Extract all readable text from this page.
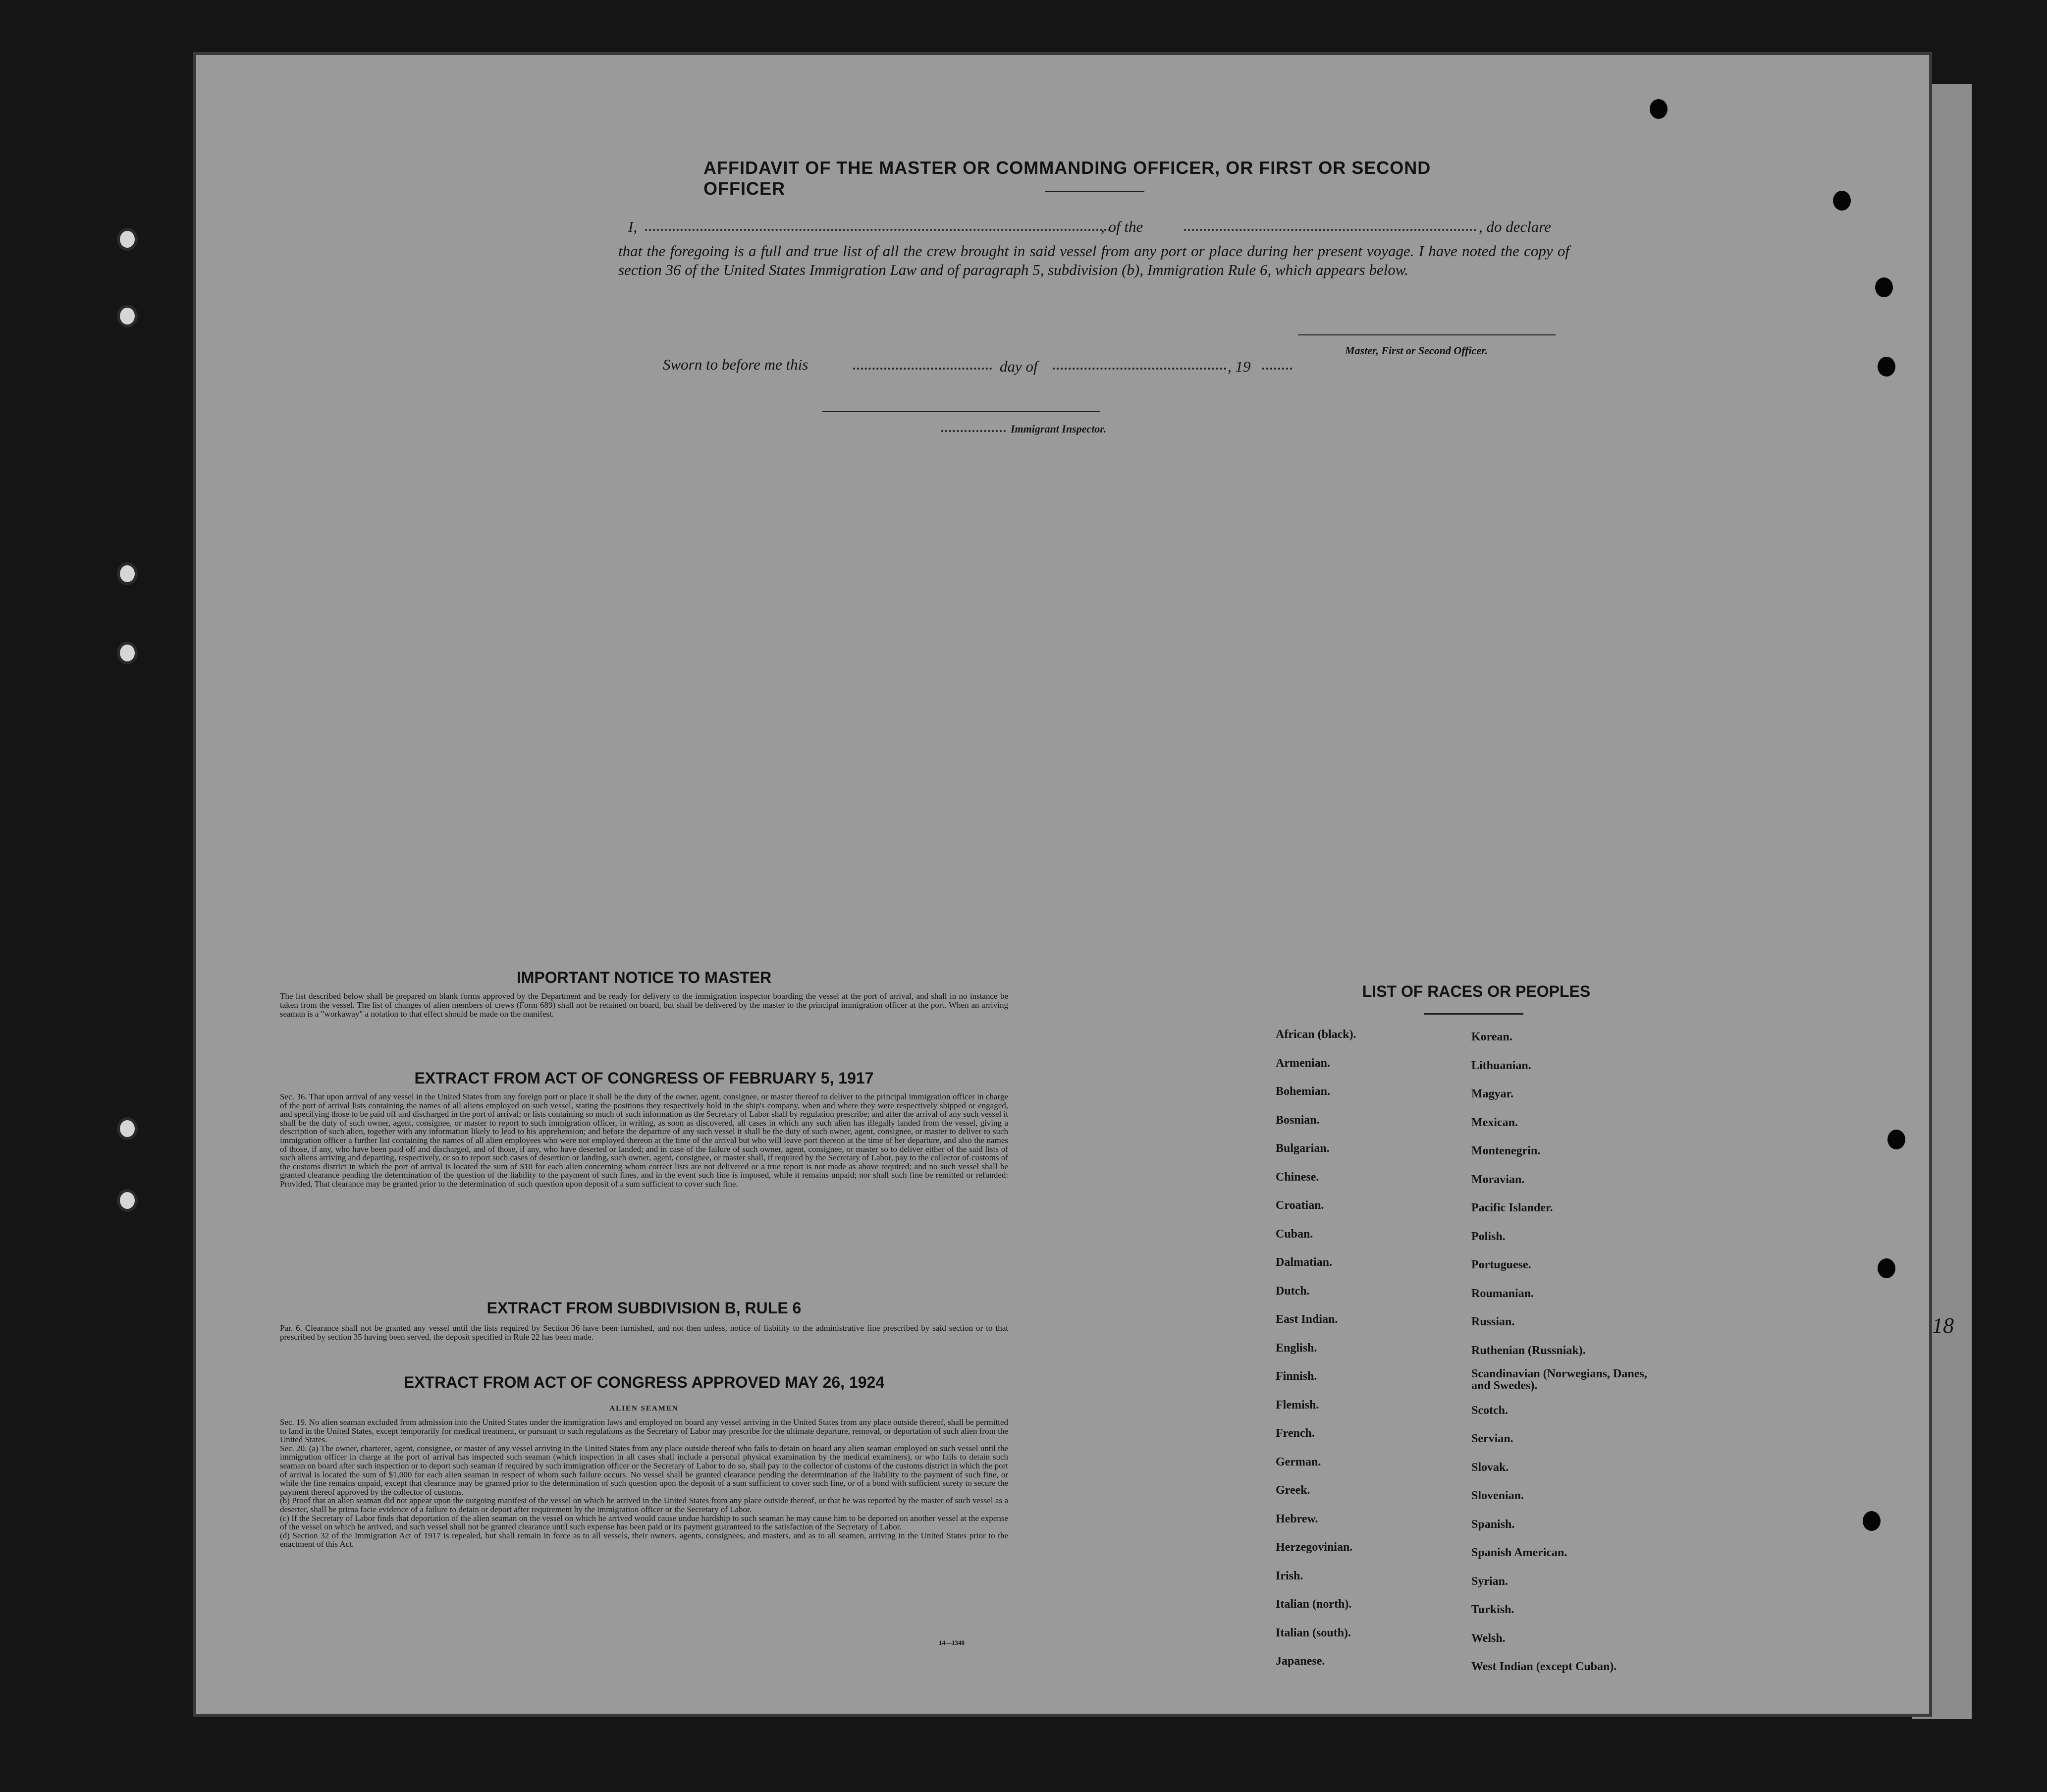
AFFIDAVIT OF THE MASTER OR COMMANDING OFFICER, OR FIRST OR SECOND OFFICER
I,	, of the	, do declare
that the foregoing is a full and true list of all the crew brought in said vessel from any port or place during her present voyage. I have noted the copy of section 36 of the United States Immigration Law and of paragraph 5, subdivision (b), Immigration Rule 6, which appears below.
Master, First or Second Officer.
Sworn to before me this	day of	, 19
Immigrant Inspector.
IMPORTANT NOTICE TO MASTER
The list described below shall be prepared on blank forms approved by the Department and be ready for delivery to the immigration inspector boarding the vessel at the port of arrival, and shall in no instance be taken from the vessel. The list of changes of alien members of crews (Form 689) shall not be retained on board, but shall be delivered by the master to the principal immigration officer at the port. When an arriving seaman is a "workaway" a notation to that effect should be made on the manifest.
EXTRACT FROM ACT OF CONGRESS OF FEBRUARY 5, 1917
Sec. 36. That upon arrival of any vessel in the United States from any foreign port or place it shall be the duty of the owner, agent, consignee, or master thereof to deliver to the principal immigration officer in charge of the port of arrival lists containing the names of all aliens employed on such vessel, stating the positions they respectively hold in the ship's company, when and where they were respectively shipped or engaged, and specifying those to be paid off and discharged in the port of arrival; or lists containing so much of such information as the Secretary of Labor shall by regulation prescribe; and after the arrival of any such vessel it shall be the duty of such owner, agent, consignee, or master to report to such immigration officer, in writing, as soon as discovered, all cases in which any such alien has illegally landed from the vessel, giving a description of such alien, together with any information likely to lead to his apprehension; and before the departure of any such vessel it shall be the duty of such owner, agent, consignee, or master to deliver to such immigration officer a further list containing the names of all alien employees who were not employed thereon at the time of the arrival but who will leave port thereon at the time of her departure, and also the names of those, if any, who have been paid off and discharged, and of those, if any, who have deserted or landed; and in case of the failure of such owner, agent, consignee, or master so to deliver either of the said lists of such aliens arriving and departing, respectively, or so to report such cases of desertion or landing, such owner, agent, consignee, or master shall, if required by the Secretary of Labor, pay to the collector of customs of the customs district in which the port of arrival is located the sum of $10 for each alien concerning whom correct lists are not delivered or a true report is not made as above required; and no such vessel shall be granted clearance pending the determination of the question of the liability to the payment of such fines, and in the event such fine is imposed, while it remains unpaid; nor shall such fine be remitted or refunded: Provided, That clearance may be granted prior to the determination of such question upon deposit of a sum sufficient to cover such fine.
EXTRACT FROM SUBDIVISION B, RULE 6
Par. 6. Clearance shall not be granted any vessel until the lists required by Section 36 have been furnished, and not then unless, notice of liability to the administrative fine prescribed by said section or to that prescribed by section 35 having been served, the deposit specified in Rule 22 has been made.
EXTRACT FROM ACT OF CONGRESS APPROVED MAY 26, 1924
ALIEN SEAMEN
Sec. 19. No alien seaman excluded from admission into the United States under the immigration laws and employed on board any vessel arriving in the United States from any place outside thereof, shall be permitted to land in the United States, except temporarily for medical treatment, or pursuant to such regulations as the Secretary of Labor may prescribe for the ultimate departure, removal, or deportation of such alien from the United States.
Sec. 20. (a) The owner, charterer, agent, consignee, or master of any vessel arriving in the United States from any place outside thereof who fails to detain on board any alien seaman employed on such vessel until the immigration officer in charge at the port of arrival has inspected such seaman (which inspection in all cases shall include a personal physical examination by the medical examiners), or who fails to detain such seaman on board after such inspection or to deport such seaman if required by such immigration officer or the Secretary of Labor to do so, shall pay to the collector of customs of the customs district in which the port of arrival is located the sum of $1,000 for each alien seaman in respect of whom such failure occurs. No vessel shall be granted clearance pending the determination of the liability to the payment of such fine, or while the fine remains unpaid, except that clearance may be granted prior to the determination of such question upon the deposit of a sum sufficient to cover such fine, or of a bond with sufficient surety to secure the payment thereof approved by the collector of customs.
(b) Proof that an alien seaman did not appear upon the outgoing manifest of the vessel on which he arrived in the United States from any place outside thereof, or that he was reported by the master of such vessel as a deserter, shall be prima facie evidence of a failure to detain or deport after requirement by the immigration officer or the Secretary of Labor.
(c) If the Secretary of Labor finds that deportation of the alien seaman on the vessel on which he arrived would cause undue hardship to such seaman he may cause him to be deported on another vessel at the expense of the vessel on which he arrived, and such vessel shall not be granted clearance until such expense has been paid or its payment guaranteed to the satisfaction of the Secretary of Labor.
(d) Section 32 of the Immigration Act of 1917 is repealed, but shall remain in force as to all vessels, their owners, agents, consignees, and masters, and as to all seamen, arriving in the United States prior to the enactment of this Act.
14—1340
LIST OF RACES OR PEOPLES
African (black).
Armenian.
Bohemian.
Bosnian.
Bulgarian.
Chinese.
Croatian.
Cuban.
Dalmatian.
Dutch.
East Indian.
English.
Finnish.
Flemish.
French.
German.
Greek.
Hebrew.
Herzegovinian.
Irish.
Italian (north).
Italian (south).
Japanese.
Korean.
Lithuanian.
Magyar.
Mexican.
Montenegrin.
Moravian.
Pacific Islander.
Polish.
Portuguese.
Roumanian.
Russian.
Ruthenian (Russniak).
Scandinavian (Norwegians, Danes, and Swedes).
Scotch.
Servian.
Slovak.
Slovenian.
Spanish.
Spanish American.
Syrian.
Turkish.
Welsh.
West Indian (except Cuban).
18
